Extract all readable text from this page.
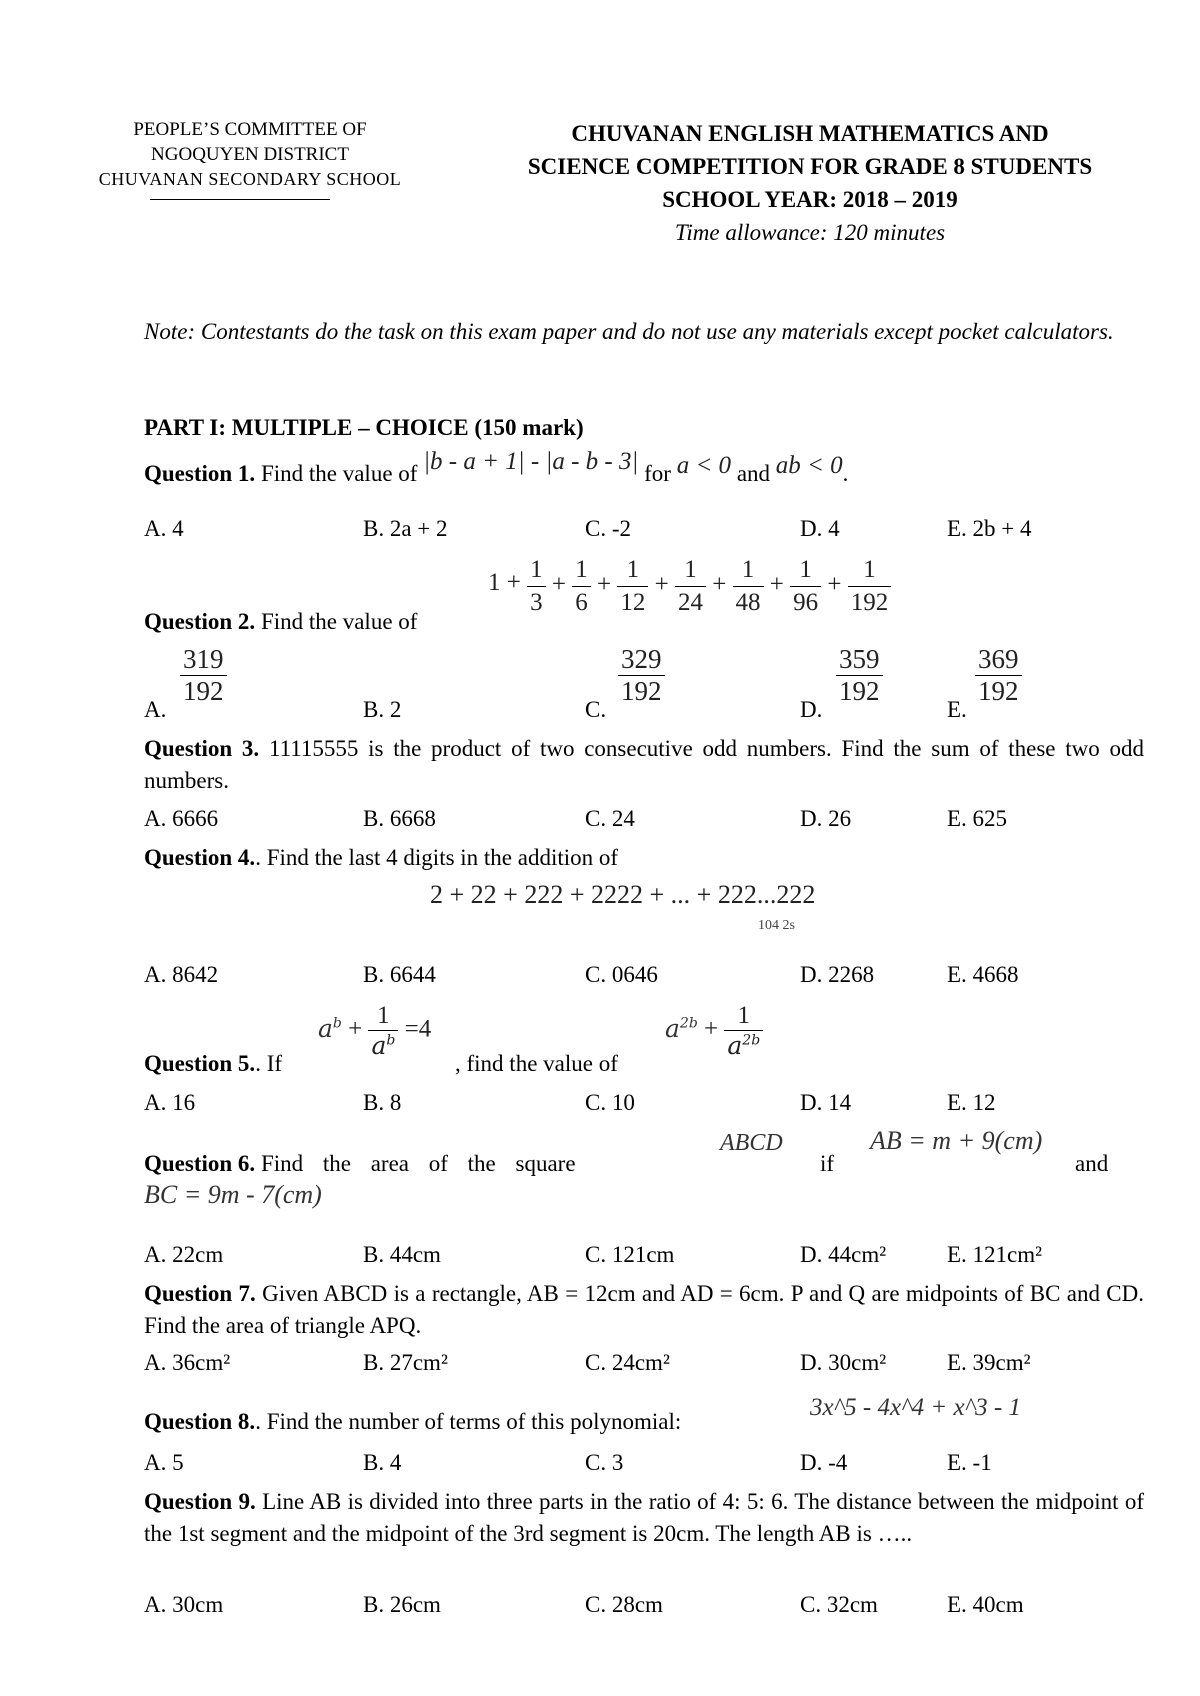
PEOPLE’S COMMITTEE OF
NGOQUYEN DISTRICT
CHUVANAN SECONDARY SCHOOL
CHUVANAN ENGLISH MATHEMATICS AND
SCIENCE COMPETITION FOR GRADE 8 STUDENTS
SCHOOL YEAR: 2018 – 2019
Time allowance: 120 minutes
Note: Contestants do the task on this exam paper and do not use any materials except pocket calculators.
PART I: MULTIPLE – CHOICE (150 mark)
Question 1. Find the value of |b - a + 1| - |a - b - 3| for a < 0 and ab < 0.
A. 4	B. 2a + 2	C. -2	D. 4	E. 2b + 4
Question 2. Find the value of
$1 + \frac{1}{3} + \frac{1}{6} + \frac{1}{12} + \frac{1}{24} + \frac{1}{48} + \frac{1}{96} + \frac{1}{192}$
A.
$\frac{319}{192}$
B. 2	C.
$\frac{329}{192}$
D.
$\frac{359}{192}$
E.
$\frac{369}{192}$
Question 3. 11115555 is the product of two consecutive odd numbers. Find the sum of these two odd numbers.
A. 6666	B. 6668	C. 24	D. 26	E. 625
Question 4.. Find the last 4 digits in the addition of
2 + 22 + 222 + 2222 + ... + 222...222
104 2s
A. 8642	B. 6644	C. 0646	D. 2268	E. 4668
Question 5.. If
$a^b + \frac{1}{a^b} =4$
, find the value of
$a^{2b} + \frac{1}{a^{2b}}$
A. 16	B. 8	C. 10	D. 14	E. 12
Question 6. Find the area of the square
ABCD
if
AB = m + 9(cm)
and
BC = 9m - 7(cm)
A. 22cm	B. 44cm	C. 121cm	D. 44cm²	E. 121cm²
Question 7. Given ABCD is a rectangle, AB = 12cm and AD = 6cm. P and Q are midpoints of BC and CD. Find the area of triangle APQ.
A. 36cm²	B. 27cm²	C. 24cm²	D. 30cm²	E. 39cm²
Question 8.. Find the number of terms of this polynomial:
3x^5 - 4x^4 + x^3 - 1
A. 5	B. 4	C. 3	D. -4	E. -1
Question 9. Line AB is divided into three parts in the ratio of 4: 5: 6. The distance between the midpoint of the 1st segment and the midpoint of the 3rd segment is 20cm. The length AB is …..
A. 30cm	B. 26cm	C. 28cm	C. 32cm	E. 40cm
